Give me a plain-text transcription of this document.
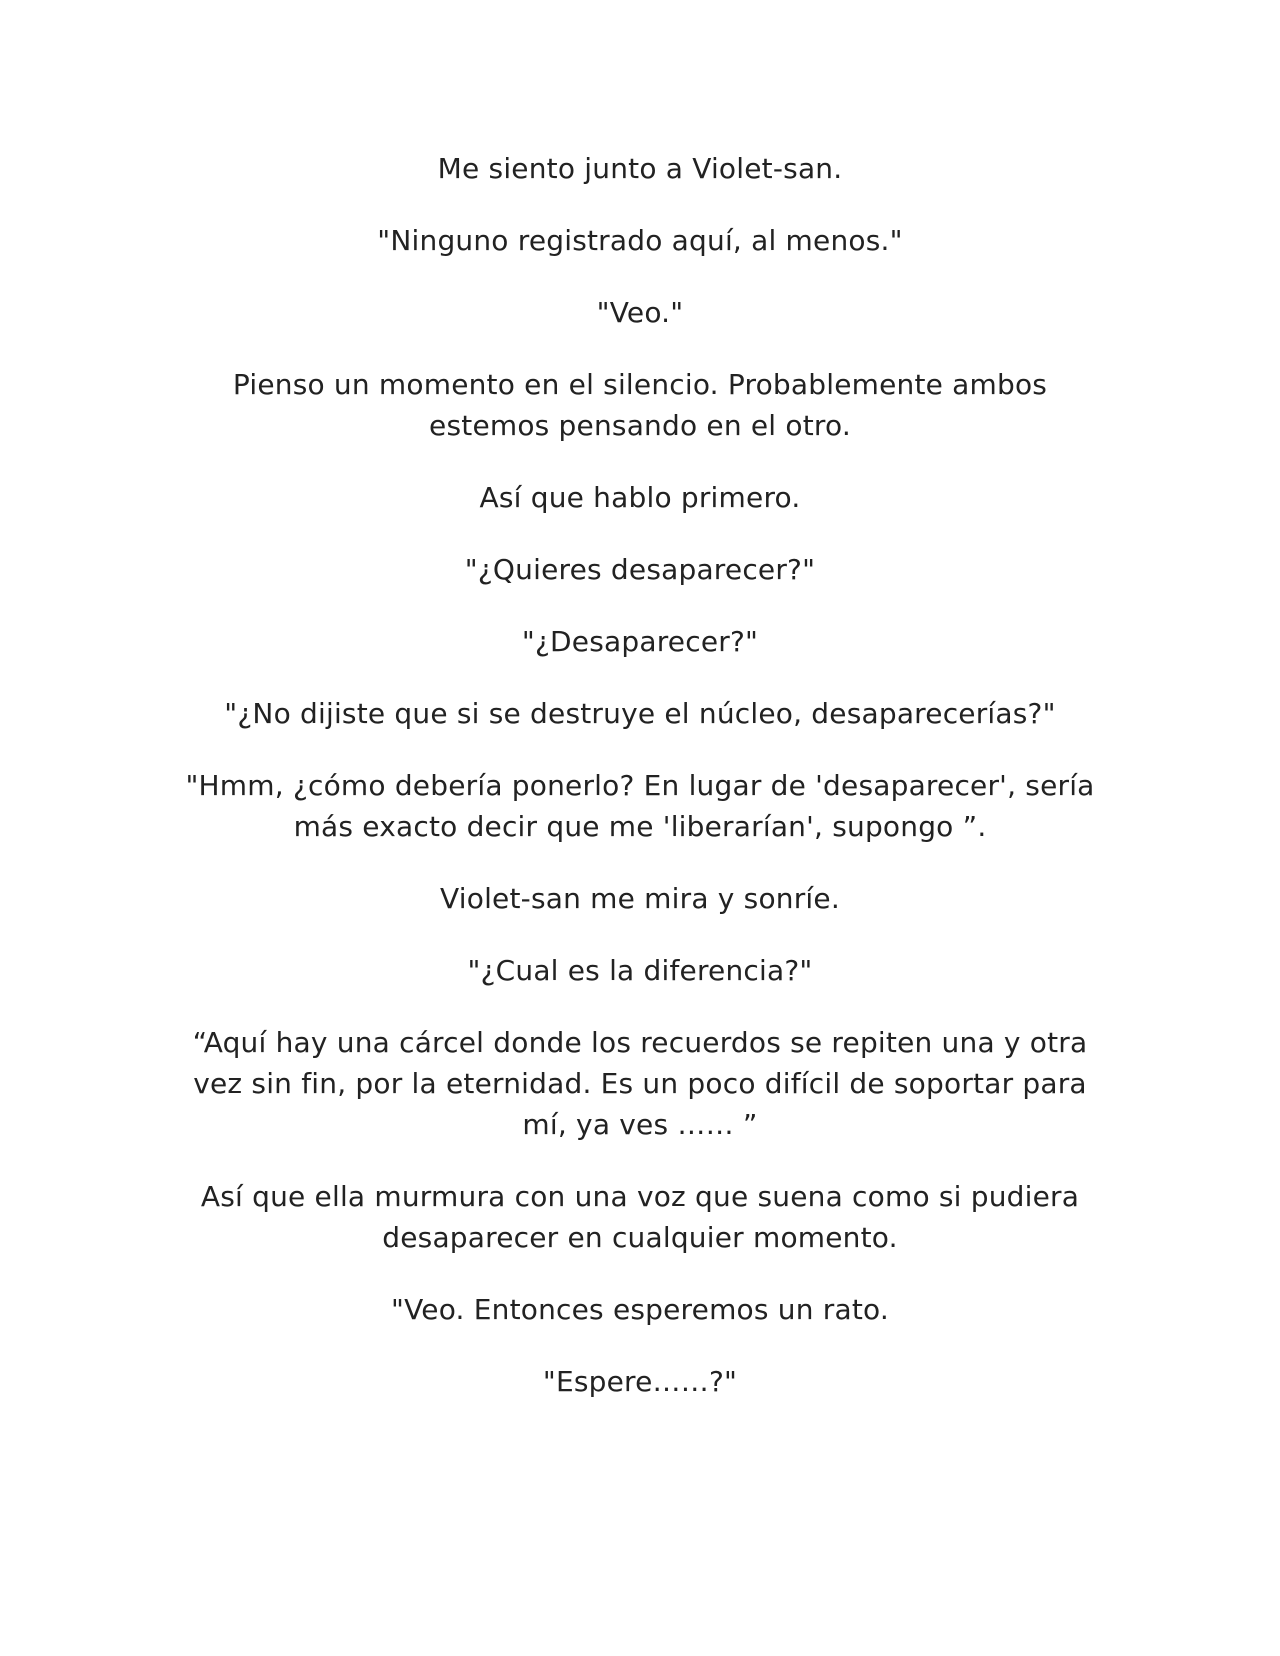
Me siento junto a Violet-san.

"Ninguno registrado aquí, al menos."

"Veo."

Pienso un momento en el silencio. Probablemente ambos estemos pensando en el otro.

Así que hablo primero.

"¿Quieres desaparecer?"

"¿Desaparecer?"

"¿No dijiste que si se destruye el núcleo, desaparecerías?"

"Hmm, ¿cómo debería ponerlo? En lugar de 'desaparecer', sería más exacto decir que me 'liberarían', supongo ”.

Violet-san me mira y sonríe.

"¿Cual es la diferencia?"

“Aquí hay una cárcel donde los recuerdos se repiten una y otra vez sin fin, por la eternidad. Es un poco difícil de soportar para mí, ya ves …… ”

Así que ella murmura con una voz que suena como si pudiera desaparecer en cualquier momento.

"Veo. Entonces esperemos un rato.

"Espere……?"
